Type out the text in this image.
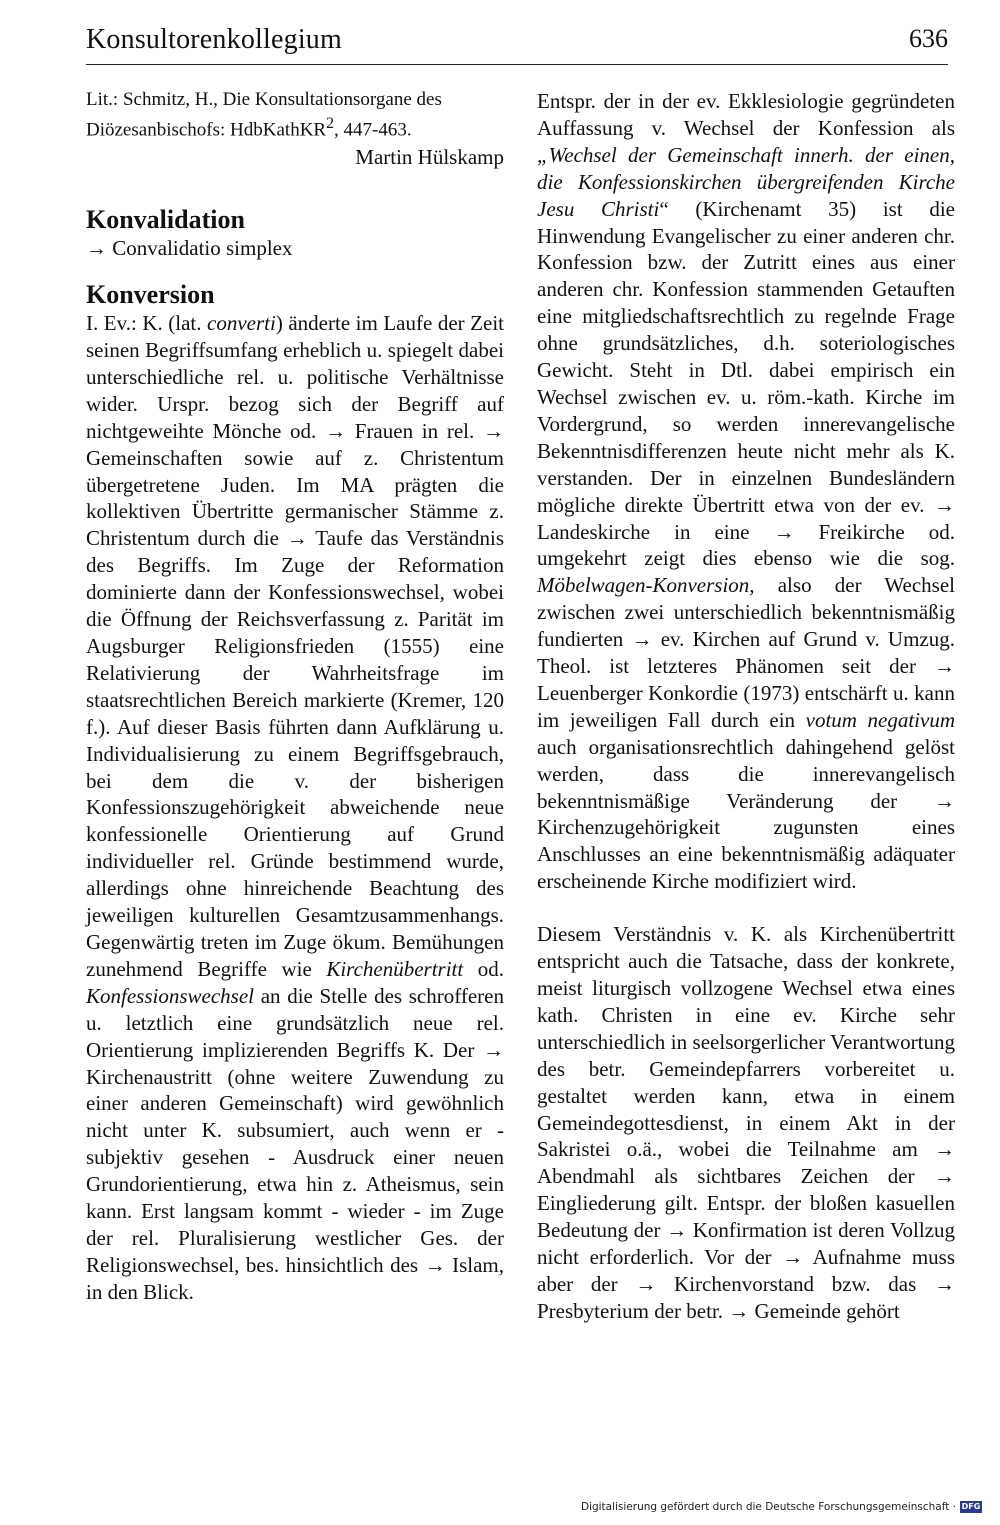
Konsultorenkollegium	636

Lit.: Schmitz, H., Die Konsultationsorgane des Diözesanbischofs: HdbKathKR$^2$, 447-463.

Martin Hülskamp

Konvalidation

→ Convalidatio simplex

Konversion

I. Ev.: K. (lat. converti) änderte im Laufe der Zeit seinen Begriffsumfang erheblich u. spiegelt dabei unterschiedliche rel. u. politische Verhältnisse wider. Urspr. bezog sich der Begriff auf nichtgeweihte Mönche od. → Frauen in rel. → Gemeinschaften sowie auf z. Christentum übergetretene Juden. Im MA prägten die kollektiven Übertritte germanischer Stämme z. Christentum durch die → Taufe das Verständnis des Begriffs. Im Zuge der Reformation dominierte dann der Konfessionswechsel, wobei die Öffnung der Reichsverfassung z. Parität im Augsburger Religionsfrieden (1555) eine Relativierung der Wahrheitsfrage im staatsrechtlichen Bereich markierte (Kremer, 120 f.). Auf dieser Basis führten dann Aufklärung u. Individualisierung zu einem Begriffsgebrauch, bei dem die v. der bisherigen Konfessionszugehörigkeit abweichende neue konfessionelle Orientierung auf Grund individueller rel. Gründe bestimmend wurde, allerdings ohne hinreichende Beachtung des jeweiligen kulturellen Gesamtzusammenhangs. Gegenwärtig treten im Zuge ökum. Bemühungen zunehmend Begriffe wie Kirchenübertritt od. Konfessionswechsel an die Stelle des schrofferen u. letztlich eine grundsätzlich neue rel. Orientierung implizierenden Begriffs K. Der → Kirchenaustritt (ohne weitere Zuwendung zu einer anderen Gemeinschaft) wird gewöhnlich nicht unter K. subsumiert, auch wenn er - subjektiv gesehen - Ausdruck einer neuen Grundorientierung, etwa hin z. Atheismus, sein kann. Erst langsam kommt - wieder - im Zuge der rel. Pluralisierung westlicher Ges. der Religionswechsel, bes. hinsichtlich des → Islam, in den Blick.

Entspr. der in der ev. Ekklesiologie gegründeten Auffassung v. Wechsel der Konfession als „Wechsel der Gemeinschaft innerh. der einen, die Konfessionskirchen übergreifenden Kirche Jesu Christi“ (Kirchenamt 35) ist die Hinwendung Evangelischer zu einer anderen chr. Konfession bzw. der Zutritt eines aus einer anderen chr. Konfession stammenden Getauften eine mitgliedschaftsrechtlich zu regelnde Frage ohne grundsätzliches, d.h. soteriologisches Gewicht. Steht in Dtl. dabei empirisch ein Wechsel zwischen ev. u. röm.-kath. Kirche im Vordergrund, so werden innerevangelische Bekenntnisdifferenzen heute nicht mehr als K. verstanden. Der in einzelnen Bundesländern mögliche direkte Übertritt etwa von der ev. → Landeskirche in eine → Freikirche od. umgekehrt zeigt dies ebenso wie die sog. Möbelwagen-Konversion, also der Wechsel zwischen zwei unterschiedlich bekenntnismäßig fundierten → ev. Kirchen auf Grund v. Umzug. Theol. ist letzteres Phänomen seit der → Leuenberger Konkordie (1973) entschärft u. kann im jeweiligen Fall durch ein votum negativum auch organisationsrechtlich dahingehend gelöst werden, dass die innerevangelisch bekenntnismäßige Veränderung der → Kirchenzugehörigkeit zugunsten eines Anschlusses an eine bekenntnismäßig adäquater erscheinende Kirche modifiziert wird.

Diesem Verständnis v. K. als Kirchenübertritt entspricht auch die Tatsache, dass der konkrete, meist liturgisch vollzogene Wechsel etwa eines kath. Christen in eine ev. Kirche sehr unterschiedlich in seelsorgerlicher Verantwortung des betr. Gemeindepfarrers vorbereitet u. gestaltet werden kann, etwa in einem Gemeindegottesdienst, in einem Akt in der Sakristei o.ä., wobei die Teilnahme am → Abendmahl als sichtbares Zeichen der → Eingliederung gilt. Entspr. der bloßen kasuellen Bedeutung der → Konfirmation ist deren Vollzug nicht erforderlich. Vor der → Aufnahme muss aber der → Kirchenvorstand bzw. das → Presbyterium der betr. → Gemeinde gehört

Digitalisierung gefördert durch die Deutsche Forschungsgemeinschaft · DFG
